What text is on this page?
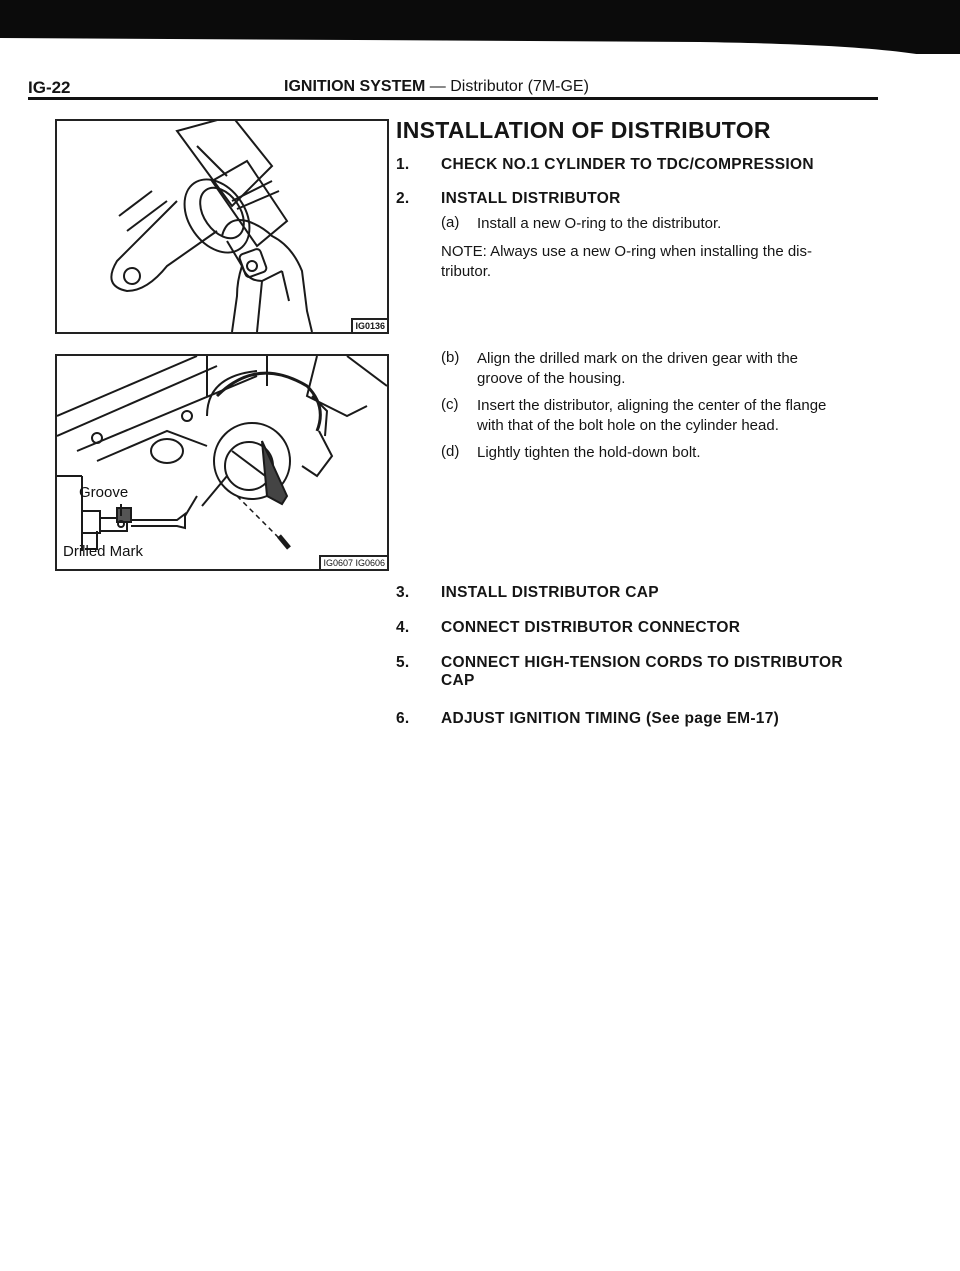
IG-22	IGNITION SYSTEM — Distributor (7M-GE)
IG0136
Groove
Drilled Mark
IG0607 IG0606
INSTALLATION OF DISTRIBUTOR
1. CHECK NO.1 CYLINDER TO TDC/COMPRESSION
2. INSTALL DISTRIBUTOR
(a) Install a new O-ring to the distributor.
NOTE: Always use a new O-ring when installing the dis-
tributor.
(b) Align the drilled mark on the driven gear with the
groove of the housing.
(c) Insert the distributor, aligning the center of the flange
with that of the bolt hole on the cylinder head.
(d) Lightly tighten the hold-down bolt.
3. INSTALL DISTRIBUTOR CAP
4. CONNECT DISTRIBUTOR CONNECTOR
5. CONNECT HIGH-TENSION CORDS TO DISTRIBUTOR
CAP
6. ADJUST IGNITION TIMING (See page EM-17)
